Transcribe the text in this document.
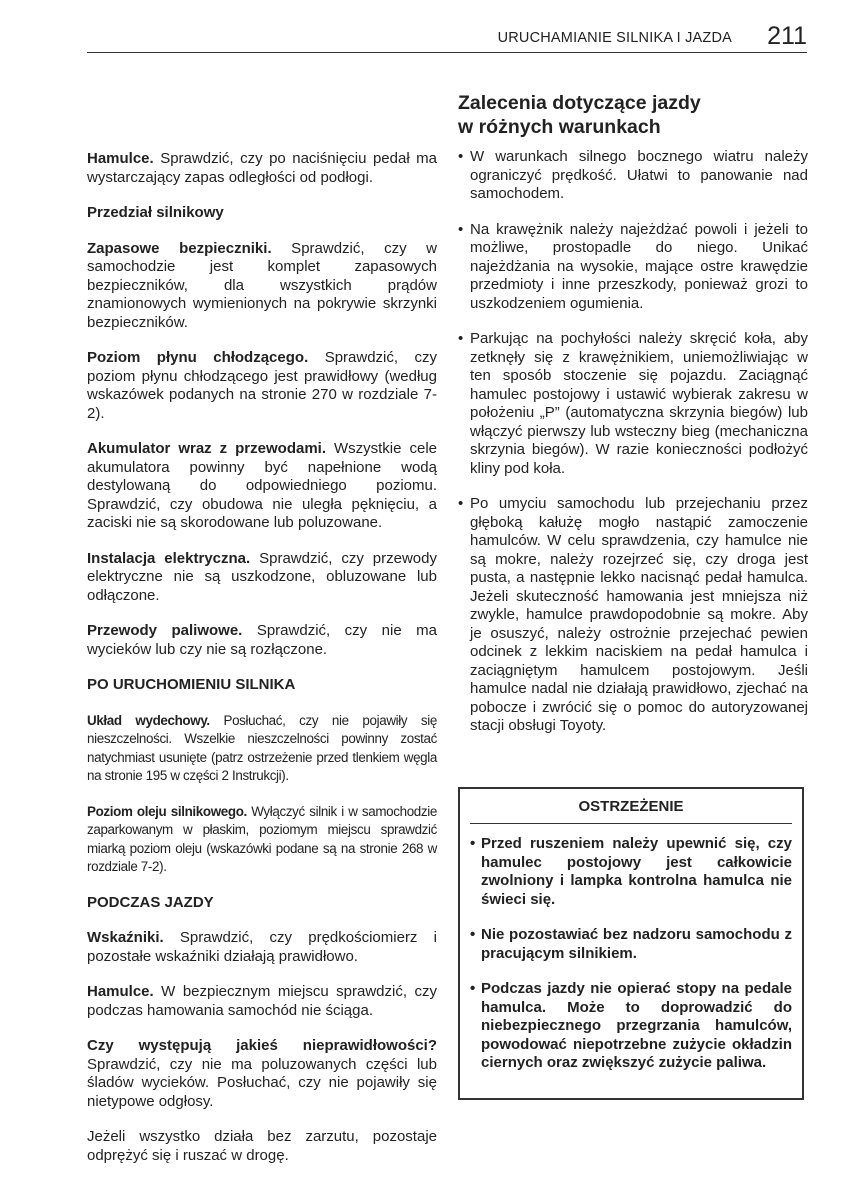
URUCHAMIANIE SILNIKA I JAZDA 211

Hamulce. Sprawdzić, czy po naciśnięciu pedał ma wystarczający zapas odległości od podłogi.

Przedział silnikowy

Zapasowe bezpieczniki. Sprawdzić, czy w samochodzie jest komplet zapasowych bezpieczników, dla wszystkich prądów znamionowych wymienionych na pokrywie skrzynki bezpieczników.

Poziom płynu chłodzącego. Sprawdzić, czy poziom płynu chłodzącego jest prawidłowy (według wskazówek podanych na stronie 270 w rozdziale 7-2).

Akumulator wraz z przewodami. Wszystkie cele akumulatora powinny być napełnione wodą destylowaną do odpowiedniego poziomu. Sprawdzić, czy obudowa nie uległa pęknięciu, a zaciski nie są skorodowane lub poluzowane.

Instalacja elektryczna. Sprawdzić, czy przewody elektryczne nie są uszkodzone, obluzowane lub odłączone.

Przewody paliwowe. Sprawdzić, czy nie ma wycieków lub czy nie są rozłączone.

PO URUCHOMIENIU SILNIKA

Układ wydechowy. Posłuchać, czy nie pojawiły się nieszczelności. Wszelkie nieszczelności powinny zostać natychmiast usunięte (patrz ostrzeżenie przed tlenkiem węgla na stronie 195 w części 2 Instrukcji).

Poziom oleju silnikowego. Wyłączyć silnik i w samochodzie zaparkowanym w płaskim, poziomym miejscu sprawdzić miarką poziom oleju (wskazówki podane są na stronie 268 w rozdziale 7-2).

PODCZAS JAZDY

Wskaźniki. Sprawdzić, czy prędkościomierz i pozostałe wskaźniki działają prawidłowo.

Hamulce. W bezpiecznym miejscu sprawdzić, czy podczas hamowania samochód nie ściąga.

Czy występują jakieś nieprawidłowości? Sprawdzić, czy nie ma poluzowanych części lub śladów wycieków. Posłuchać, czy nie pojawiły się nietypowe odgłosy.

Jeżeli wszystko działa bez zarzutu, pozostaje odprężyć się i ruszać w drogę.

Zalecenia dotyczące jazdy
w różnych warunkach
• W warunkach silnego bocznego wiatru należy ograniczyć prędkość. Ułatwi to panowanie nad samochodem.
• Na krawężnik należy najeżdżać powoli i jeżeli to możliwe, prostopadle do niego. Unikać najeżdżania na wysokie, mające ostre krawędzie przedmioty i inne przeszkody, ponieważ grozi to uszkodzeniem ogumienia.
• Parkując na pochyłości należy skręcić koła, aby zetknęły się z krawężnikiem, uniemożliwiając w ten sposób stoczenie się pojazdu. Zaciągnąć hamulec postojowy i ustawić wybierak zakresu w położeniu „P” (automatyczna skrzynia biegów) lub włączyć pierwszy lub wsteczny bieg (mechaniczna skrzynia biegów). W razie konieczności podłożyć kliny pod koła.
• Po umyciu samochodu lub przejechaniu przez głęboką kałużę mogło nastąpić zamoczenie hamulców. W celu sprawdzenia, czy hamulce nie są mokre, należy rozejrzeć się, czy droga jest pusta, a następnie lekko nacisnąć pedał hamulca. Jeżeli skuteczność hamowania jest mniejsza niż zwykle, hamulce prawdopodobnie są mokre. Aby je osuszyć, należy ostrożnie przejechać pewien odcinek z lekkim naciskiem na pedał hamulca i zaciągniętym hamulcem postojowym. Jeśli hamulce nadal nie działają prawidłowo, zjechać na pobocze i zwrócić się o pomoc do autoryzowanej stacji obsługi Toyoty.
OSTRZEŻENIE
• Przed ruszeniem należy upewnić się, czy hamulec postojowy jest całkowicie zwolniony i lampka kontrolna hamulca nie świeci się.
• Nie pozostawiać bez nadzoru samochodu z pracującym silnikiem.
• Podczas jazdy nie opierać stopy na pedale hamulca. Może to doprowadzić do niebezpiecznego przegrzania hamulców, powodować niepotrzebne zużycie okładzin ciernych oraz zwiększyć zużycie paliwa.
